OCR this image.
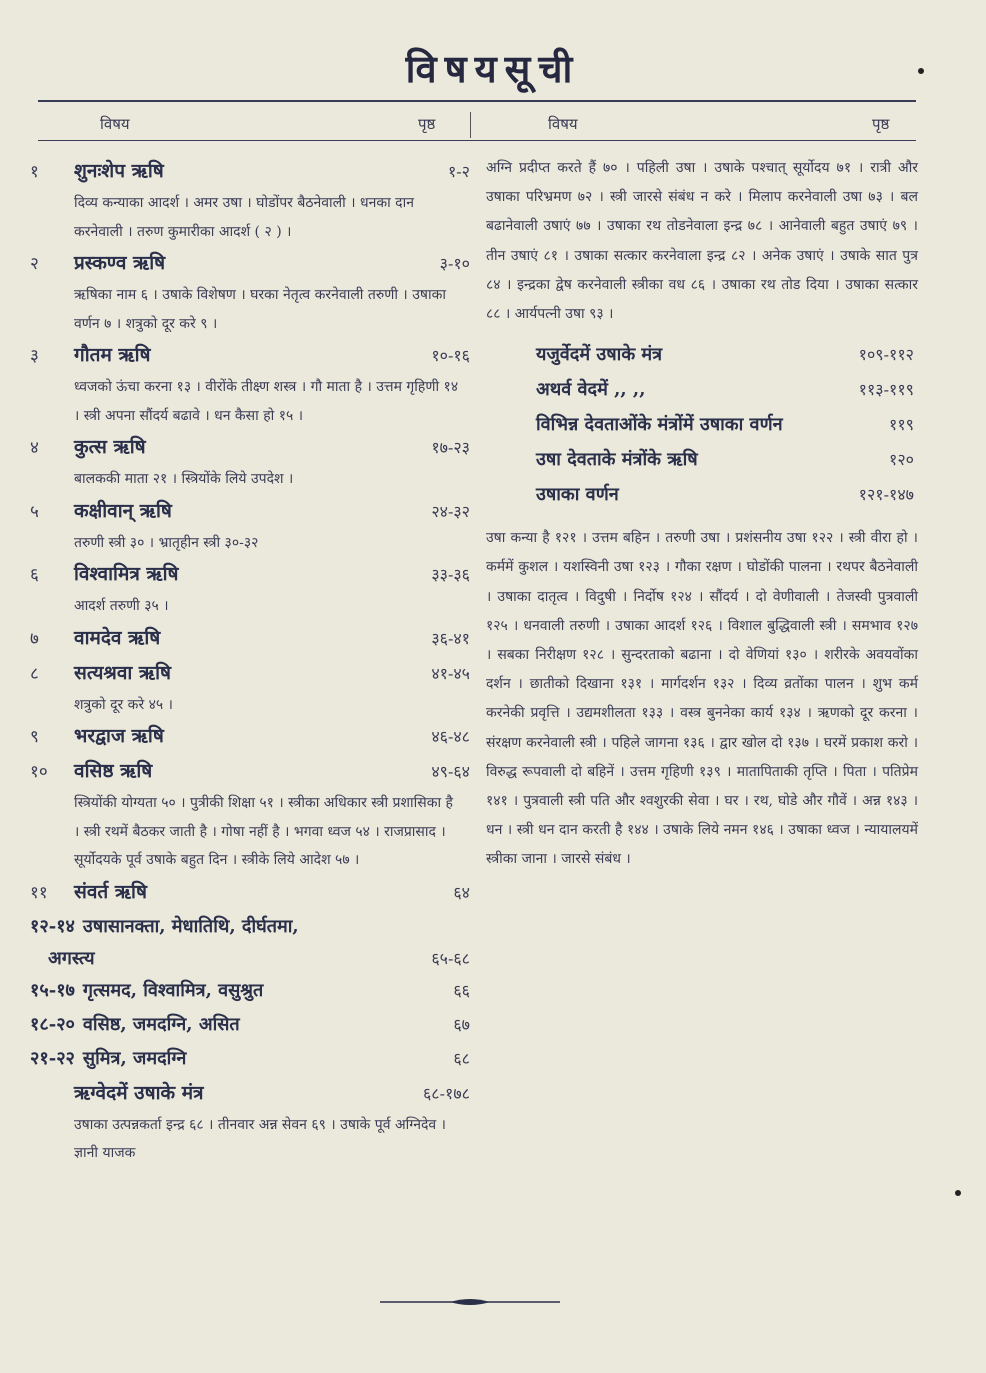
विषयसूची
विषय	पृष्ठ	विषय	पृष्ठ
१	शुनःशेप ऋषि	१-२
दिव्य कन्याका आदर्श । अमर उषा । घोडोंपर बैठनेवाली । धनका दान करनेवाली । तरुण कुमारीका आदर्श ( २ ) ।
२	प्रस्कण्व ऋषि	३-१०
ऋषिका नाम ६ । उषाके विशेषण । घरका नेतृत्व करनेवाली तरुणी । उषाका वर्णन ७ । शत्रुको दूर करे ९ ।
३	गौतम ऋषि	१०-१६
ध्वजको ऊंचा करना १३ । वीरोंके तीक्ष्ण शस्त्र । गौ माता है । उत्तम गृहिणी १४ । स्त्री अपना सौंदर्य बढावे । धन कैसा हो १५ ।
४	कुत्स ऋषि	१७-२३
बालककी माता २१ । स्त्रियोंके लिये उपदेश ।
५	कक्षीवान् ऋषि	२४-३२
तरुणी स्त्री ३० । भ्रातृहीन स्त्री ३०-३२
६	विश्वामित्र ऋषि	३३-३६
आदर्श तरुणी ३५ ।
७	वामदेव ऋषि	३६-४१
८	सत्यश्रवा ऋषि	४१-४५
शत्रुको दूर करे ४५ ।
९	भरद्वाज ऋषि	४६-४८
१०	वसिष्ठ ऋषि	४९-६४
स्त्रियोंकी योग्यता ५० । पुत्रीकी शिक्षा ५१ । स्त्रीका अधिकार स्त्री प्रशासिका है । स्त्री रथमें बैठकर जाती है । गोषा नहीं है । भगवा ध्वज ५४ । राजप्रासाद । सूर्योदयके पूर्व उषाके बहुत दिन । स्त्रीके लिये आदेश ५७ ।
११	संवर्त ऋषि	६४
१२-१४ उषासानक्ता, मेधातिथि, दीर्घतमा,
अगस्त्य	६५-६८
१५-१७ गृत्समद, विश्वामित्र, वसुश्रुत	६६
१८-२० वसिष्ठ, जमदग्नि, असित	६७
२१-२२ सुमित्र, जमदग्नि	६८
ऋग्वेदमें उषाके मंत्र	६८-१७८
उषाका उत्पन्नकर्ता इन्द्र ६८ । तीनवार अन्न सेवन ६९ । उषाके पूर्व अग्निदेव । ज्ञानी याजक
अग्नि प्रदीप्त करते हैं ७० । पहिली उषा । उषाके पश्चात् सूर्योदय ७१ । रात्री और उषाका परिभ्रमण ७२ । स्त्री जारसे संबंध न करे । मिलाप करनेवाली उषा ७३ । बल बढानेवाली उषाएं ७७ । उषाका रथ तोडनेवाला इन्द्र ७८ । आनेवाली बहुत उषाएं ७९ । तीन उषाएं ८१ । उषाका सत्कार करनेवाला इन्द्र ८२ । अनेक उषाएं । उषाके सात पुत्र ८४ । इन्द्रका द्वेष करनेवाली स्त्रीका वध ८६ । उषाका रथ तोड दिया । उषाका सत्कार ८८ । आर्यपत्नी उषा ९३ ।
यजुर्वेदमें उषाके मंत्र	१०९-११२
अथर्व वेदमें ,, ,,	११३-११९
विभिन्न देवताओंके मंत्रोंमें उषाका वर्णन	११९
उषा देवताके मंत्रोंके ऋषि	१२०
उषाका वर्णन	१२१-१४७
उषा कन्या है १२१ । उत्तम बहिन । तरुणी उषा । प्रशंसनीय उषा १२२ । स्त्री वीरा हो । कर्ममें कुशल । यशस्विनी उषा १२३ । गौका रक्षण । घोडोंकी पालना । रथपर बैठनेवाली । उषाका दातृत्व । विदुषी । निर्दोष १२४ । सौंदर्य । दो वेणीवाली । तेजस्वी पुत्रवाली १२५ । धनवाली तरुणी । उषाका आदर्श १२६ । विशाल बुद्धिवाली स्त्री । समभाव १२७ । सबका निरीक्षण १२८ । सुन्दरताको बढाना । दो वेणियां १३० । शरीरके अवयवोंका दर्शन । छातीको दिखाना १३१ । मार्गदर्शन १३२ । दिव्य व्रतोंका पालन । शुभ कर्म करनेकी प्रवृत्ति । उद्यमशीलता १३३ । वस्त्र बुननेका कार्य १३४ । ऋणको दूर करना । संरक्षण करनेवाली स्त्री । पहिले जागना १३६ । द्वार खोल दो १३७ । घरमें प्रकाश करो । विरुद्ध रूपवाली दो बहिनें । उत्तम गृहिणी १३९ । मातापिताकी तृप्ति । पिता । पतिप्रेम १४१ । पुत्रवाली स्त्री पति और श्वशुरकी सेवा । घर । रथ, घोडे और गौवें । अन्न १४३ । धन । स्त्री धन दान करती है १४४ । उषाके लिये नमन १४६ । उषाका ध्वज । न्यायालयमें स्त्रीका जाना । जारसे संबंध ।
